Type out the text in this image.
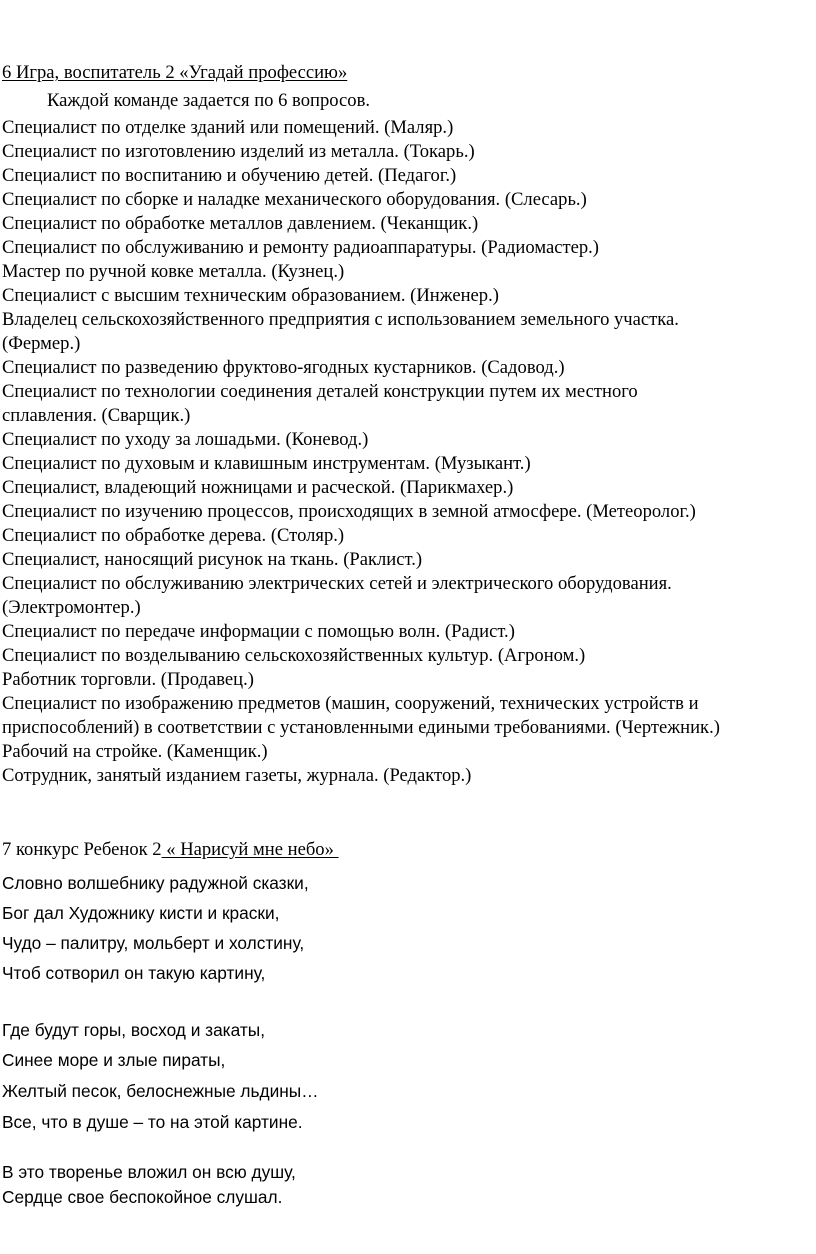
6 Игра, воспитатель 2 «Угадай профессию»
Каждой команде задается по 6 вопросов.
Специалист по отделке зданий или помещений. (Маляр.)
Специалист по изготовлению изделий из металла. (Токарь.)
Специалист по воспитанию и обучению детей. (Педагог.)
Специалист по сборке и наладке механического оборудования. (Слесарь.)
Специалист по обработке металлов давлением. (Чеканщик.)
Специалист по обслуживанию и ремонту радиоаппаратуры. (Радиомастер.)
Мастер по ручной ковке металла. (Кузнец.)
Специалист с высшим техническим образованием. (Инженер.)
Владелец сельскохозяйственного предприятия с использованием земельного участка.
(Фермер.)
Специалист по разведению фруктово-ягодных кустарников. (Садовод.)
Специалист по технологии соединения деталей конструкции путем их местного
сплавления. (Сварщик.)
Специалист по уходу за лошадьми. (Коневод.)
Специалист по духовым и клавишным инструментам. (Музыкант.)
Специалист, владеющий ножницами и расческой. (Парикмахер.)
Специалист по изучению процессов, происходящих в земной атмосфере. (Метеоролог.)
Специалист по обработке дерева. (Столяр.)
Специалист, наносящий рисунок на ткань. (Раклист.)
Специалист по обслуживанию электрических сетей и электрического оборудования.
(Электромонтер.)
Специалист по передаче информации с помощью волн. (Радист.)
Специалист по возделыванию сельскохозяйственных культур. (Агроном.)
Работник торговли. (Продавец.)
Специалист по изображению предметов (машин, сооружений, технических устройств и
приспособлений) в соответствии с установленными едиными требованиями. (Чертежник.)
Рабочий на стройке. (Каменщик.)
Сотрудник, занятый изданием газеты, журнала. (Редактор.)
7 конкурс Ребенок 2 « Нарисуй мне небо»
Словно волшебнику радужной сказки,
Бог дал Художнику кисти и краски,
Чудо – палитру, мольберт и холстину,
Чтоб сотворил он такую картину,
Где будут горы, восход и закаты,
Синее море и злые пираты,
Желтый песок, белоснежные льдины…
Все, что в душе – то на этой картине.
В это творенье вложил он всю душу,
Сердце свое беспокойное слушал.
